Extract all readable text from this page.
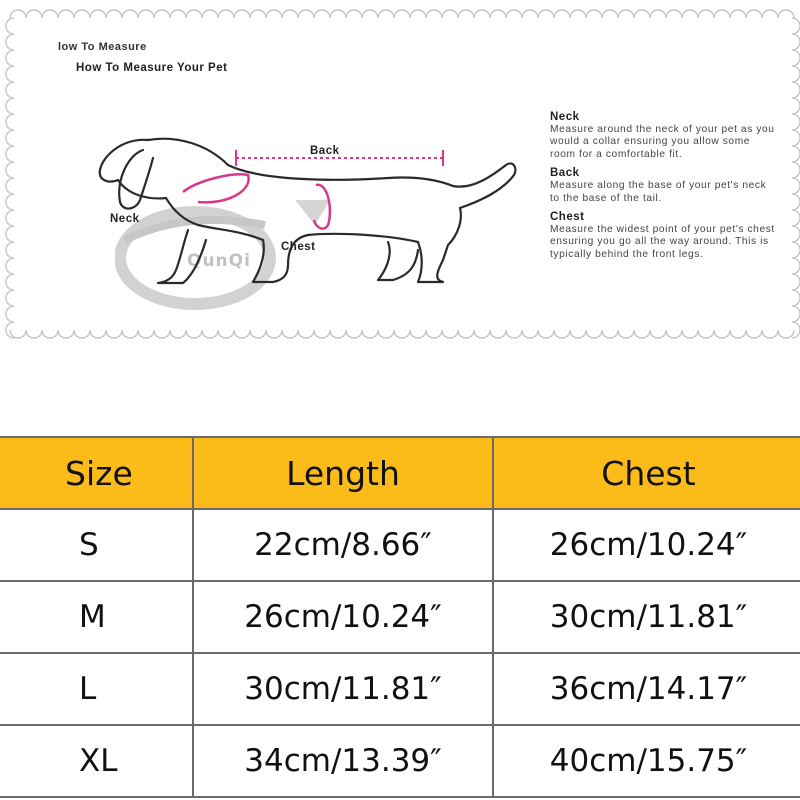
low To Measure
How To Measure Your Pet
QunQi
Back
Neck
Chest

Neck

Measure around the neck of your pet as you would a collar ensuring you allow some room for a comfortable fit.

Back

Measure along the base of your pet's neck to the base of the tail.

Chest

Measure the widest point of your pet's chest ensuring you go all the way around. This is typically behind the front legs.

Size	Length	Chest
S	22cm/8.66″	26cm/10.24″
M	26cm/10.24″	30cm/11.81″
L	30cm/11.81″	36cm/14.17″
XL	34cm/13.39″	40cm/15.75″
